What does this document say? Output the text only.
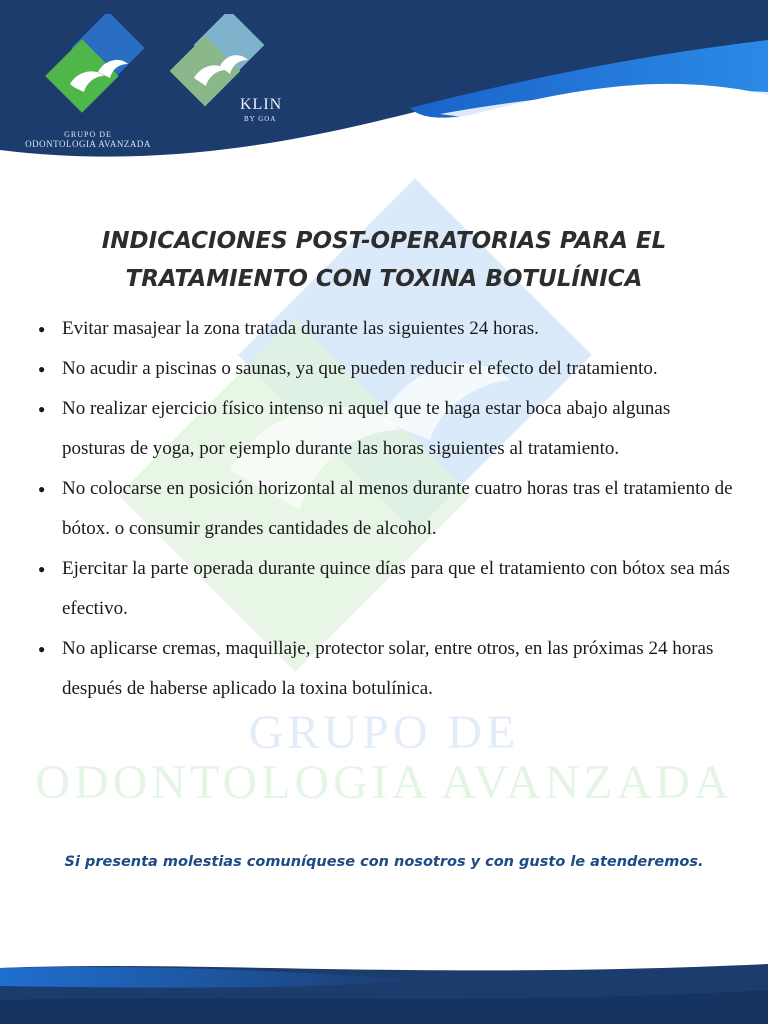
GRUPO DE
ODONTOLOGIA AVANZADA
KLIN
BY GOA
GRUPO DE
ODONTOLOGIA AVANZADA
INDICACIONES POST-OPERATORIAS PARA EL
TRATAMIENTO CON TOXINA BOTULÍNICA
● Evitar masajear la zona tratada durante las siguientes 24 horas.
● No acudir a piscinas o saunas, ya que pueden reducir el efecto del tratamiento.
● No realizar ejercicio físico intenso ni aquel que te haga estar boca abajo algunas posturas de yoga, por ejemplo durante las horas siguientes al tratamiento.
● No colocarse en posición horizontal al menos durante cuatro horas tras el tratamiento de bótox. o consumir grandes cantidades de alcohol.
● Ejercitar la parte operada durante quince días para que el tratamiento con bótox sea más efectivo.
● No aplicarse cremas, maquillaje, protector solar, entre otros, en las próximas 24 horas después de haberse aplicado la toxina botulínica.
Si presenta molestias comuníquese con nosotros y con gusto le atenderemos.
